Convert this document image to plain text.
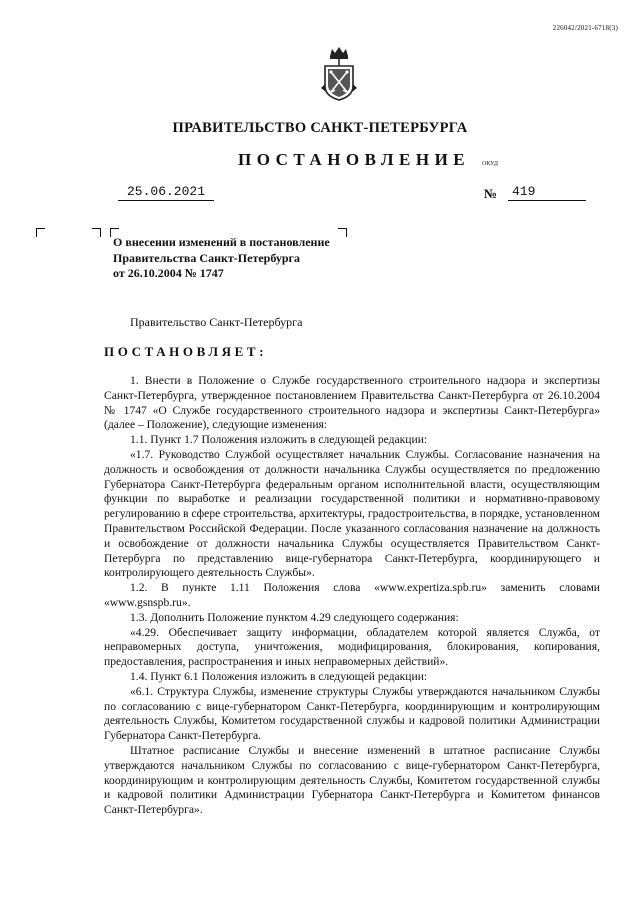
226042/2021-6718(3)
ПРАВИТЕЛЬСТВО САНКТ-ПЕТЕРБУРГА
ПОСТАНОВЛЕНИЕ ОКУД
25.06.2021	№	419
О внесении изменений в постановление
Правительства Санкт-Петербурга
от 26.10.2004 № 1747
Правительство Санкт-Петербурга
ПОСТАНОВЛЯЕТ:

1. Внести в Положение о Службе государственного строительного надзора и экспертизы Санкт-Петербурга, утвержденное постановлением Правительства Санкт-Петербурга от 26.10.2004 № 1747 «О Службе государственного строительного надзора и экспертизы Санкт-Петербурга» (далее – Положение), следующие изменения:

1.1. Пункт 1.7 Положения изложить в следующей редакции:

«1.7. Руководство Службой осуществляет начальник Службы. Согласование назначения на должность и освобождения от должности начальника Службы осуществляется по предложению Губернатора Санкт-Петербурга федеральным органом исполнительной власти, осуществляющим функции по выработке и реализации государственной политики и нормативно-правовому регулированию в сфере строительства, архитектуры, градостроительства, в порядке, установленном Правительством Российской Федерации. После указанного согласования назначение на должность и освобождение от должности начальника Службы осуществляется Правительством Санкт-Петербурга по представлению вице-губернатора Санкт-Петербурга, координирующего и контролирующего деятельность Службы».

1.2. В пункте 1.11 Положения слова «www.expertiza.spb.ru» заменить словами «www.gsnspb.ru».

1.3. Дополнить Положение пунктом 4.29 следующего содержания:

«4.29. Обеспечивает защиту информации, обладателем которой является Служба, от неправомерных доступа, уничтожения, модифицирования, блокирования, копирования, предоставления, распространения и иных неправомерных действий».

1.4. Пункт 6.1 Положения изложить в следующей редакции:

«6.1. Структура Службы, изменение структуры Службы утверждаются начальником Службы по согласованию с вице-губернатором Санкт-Петербурга, координирующим и контролирующим деятельность Службы, Комитетом государственной службы и кадровой политики Администрации Губернатора Санкт-Петербурга.

Штатное расписание Службы и внесение изменений в штатное расписание Службы утверждаются начальником Службы по согласованию с вице-губернатором Санкт-Петербурга, координирующим и контролирующим деятельность Службы, Комитетом государственной службы и кадровой политики Администрации Губернатора Санкт-Петербурга и Комитетом финансов Санкт-Петербурга».
